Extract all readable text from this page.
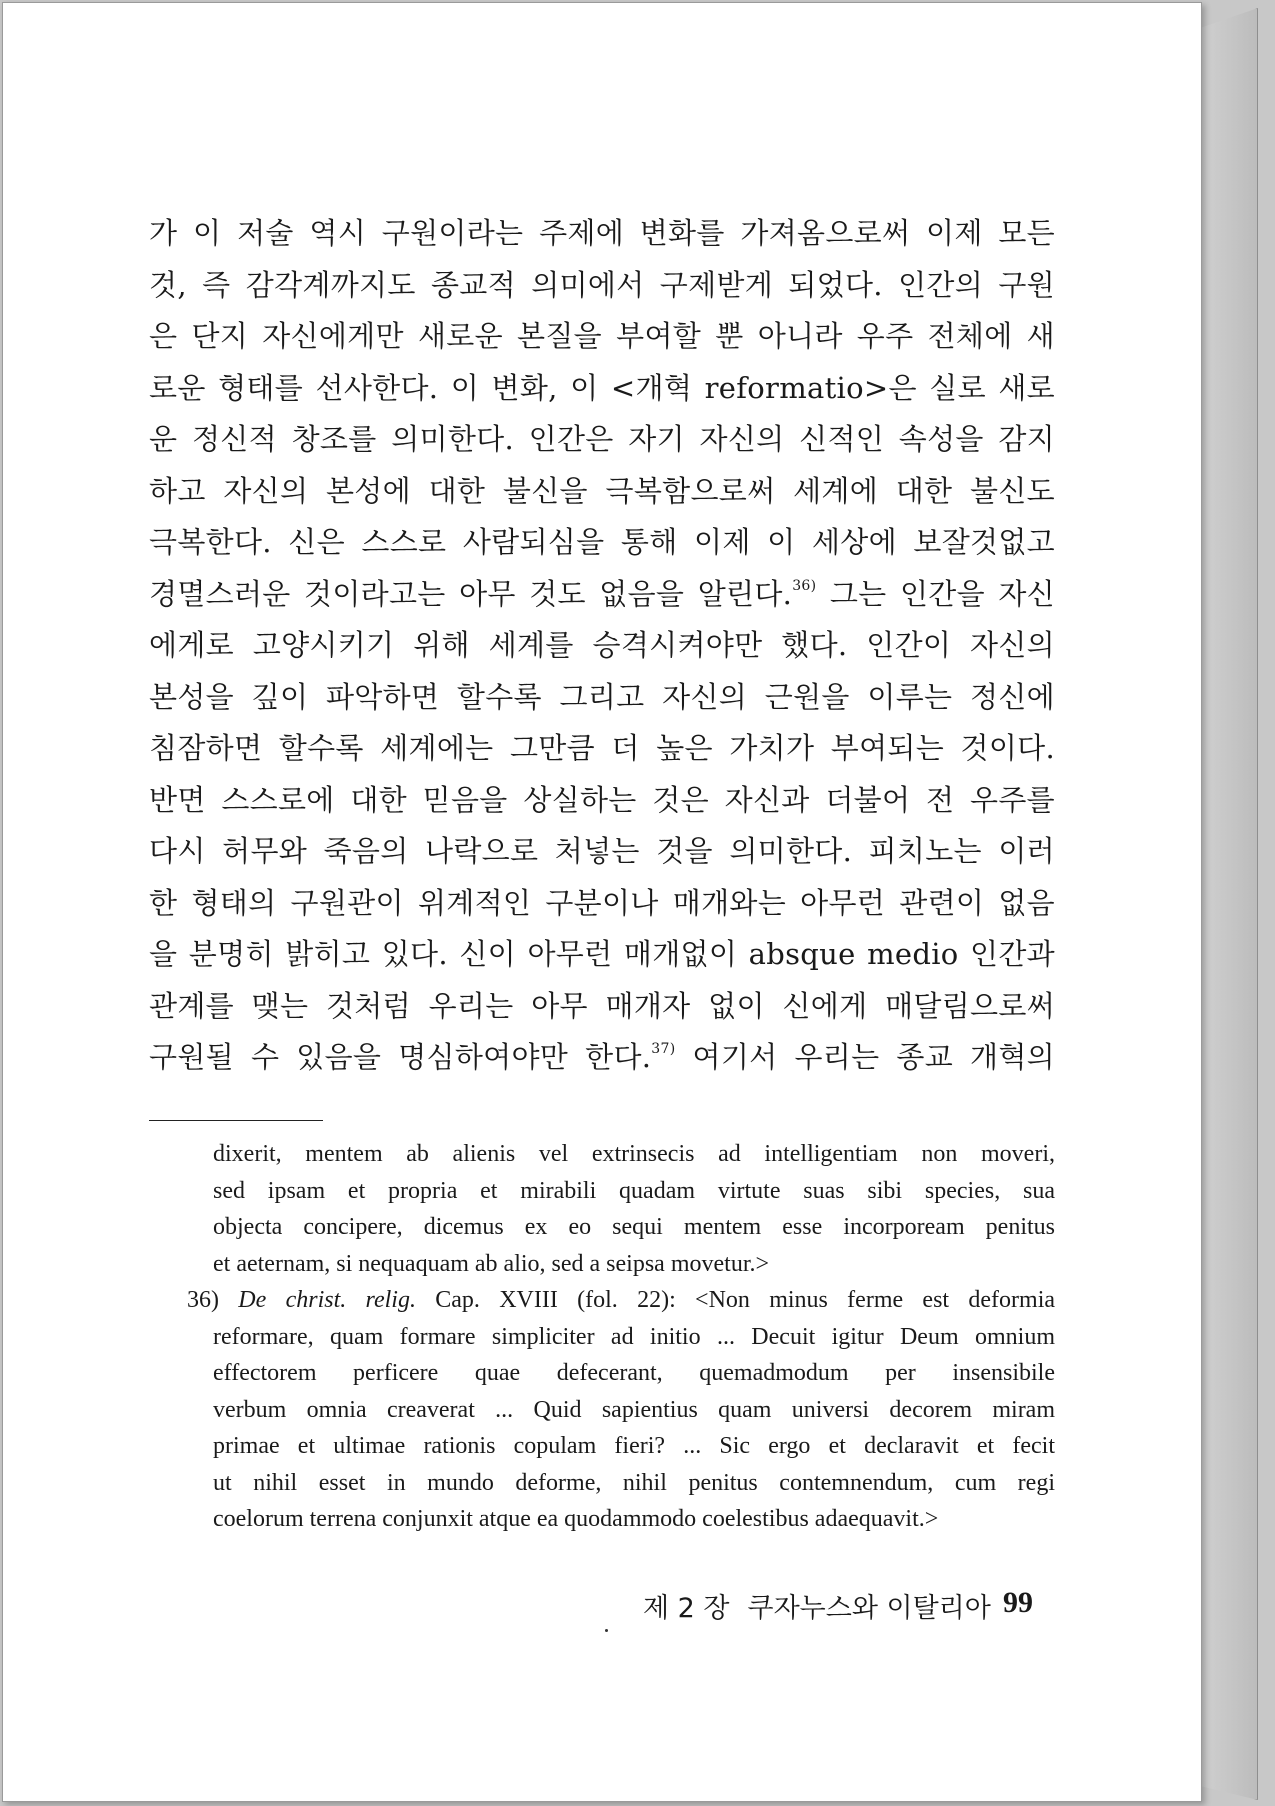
가 이 저술 역시 구원이라는 주제에 변화를 가져옴으로써 이제 모든
것, 즉 감각계까지도 종교적 의미에서 구제받게 되었다. 인간의 구원
은 단지 자신에게만 새로운 본질을 부여할 뿐 아니라 우주 전체에 새
로운 형태를 선사한다. 이 변화, 이 <개혁 reformatio>은 실로 새로
운 정신적 창조를 의미한다. 인간은 자기 자신의 신적인 속성을 감지
하고 자신의 본성에 대한 불신을 극복함으로써 세계에 대한 불신도
극복한다. 신은 스스로 사람되심을 통해 이제 이 세상에 보잘것없고
경멸스러운 것이라고는 아무 것도 없음을 알린다.$^{36)}$ 그는 인간을 자신
에게로 고양시키기 위해 세계를 승격시켜야만 했다. 인간이 자신의
본성을 깊이 파악하면 할수록 그리고 자신의 근원을 이루는 정신에
침잠하면 할수록 세계에는 그만큼 더 높은 가치가 부여되는 것이다.
반면 스스로에 대한 믿음을 상실하는 것은 자신과 더불어 전 우주를
다시 허무와 죽음의 나락으로 처넣는 것을 의미한다. 피치노는 이러
한 형태의 구원관이 위계적인 구분이나 매개와는 아무런 관련이 없음
을 분명히 밝히고 있다. 신이 아무런 매개없이 absque medio 인간과
관계를 맺는 것처럼 우리는 아무 매개자 없이 신에게 매달림으로써
구원될 수 있음을 명심하여야만 한다.$^{37)}$ 여기서 우리는 종교 개혁의
dixerit, mentem ab alienis vel extrinsecis ad intelligentiam non moveri,
sed ipsam et propria et mirabili quadam virtute suas sibi species, sua
objecta concipere, dicemus ex eo sequi mentem esse incorpoream penitus
et aeternam, si nequaquam ab alio, sed a seipsa movetur.>
36) De christ. relig. Cap. XVIII (fol. 22): <Non minus ferme est deformia
reformare, quam formare simpliciter ad initio ... Decuit igitur Deum omnium
effectorem perficere quae defecerant, quemadmodum per insensibile
verbum omnia creaverat ... Quid sapientius quam universi decorem miram
primae et ultimae rationis copulam fieri? ... Sic ergo et declaravit et fecit
ut nihil esset in mundo deforme, nihil penitus contemnendum, cum regi
coelorum terrena conjunxit atque ea quodammodo coelestibus adaequavit.>
제 2 장 쿠자누스와 이탈리아 99
